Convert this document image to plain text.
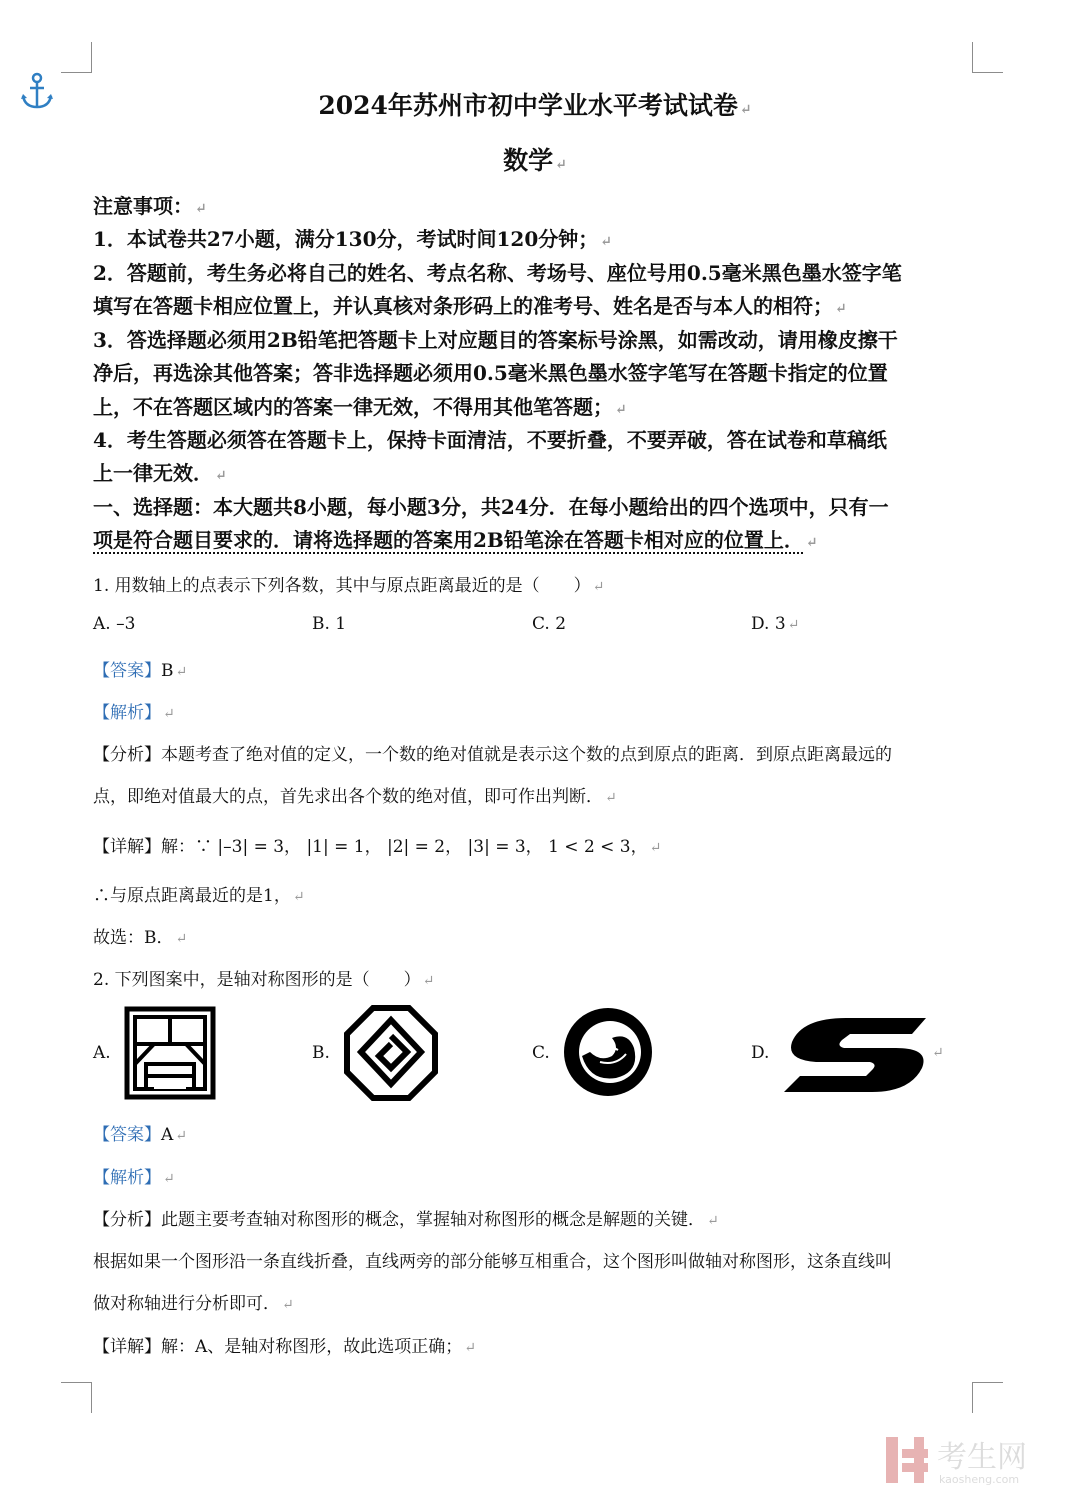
2024年苏州市初中学业水平考试试卷 ↵
数学 ↵
注意事项： ↵
1．本试卷共27小题，满分130分，考试时间120分钟； ↵
2．答题前，考生务必将自己的姓名、考点名称、考场号、座位号用0.5毫米黑色墨水签字笔
填写在答题卡相应位置上，并认真核对条形码上的准考号、姓名是否与本人的相符； ↵
3．答选择题必须用2B铅笔把答题卡上对应题目的答案标号涂黑，如需改动，请用橡皮擦干
净后，再选涂其他答案；答非选择题必须用0.5毫米黑色墨水签字笔写在答题卡指定的位置
上，不在答题区域内的答案一律无效，不得用其他笔答题； ↵
4．考生答题必须答在答题卡上，保持卡面清洁，不要折叠，不要弄破，答在试卷和草稿纸
上一律无效． ↵
一、选择题：本大题共8小题，每小题3分，共24分．在每小题给出的四个选项中，只有一
项是符合题目要求的．请将选择题的答案用2B铅笔涂在答题卡相对应的位置上． ↵
1. 用数轴上的点表示下列各数，其中与原点距离最近的是（　　） ↵
A. –3	B. 1	C. 2	D. 3 ↵
【答案】B ↵
【解析】 ↵
【分析】本题考查了绝对值的定义，一个数的绝对值就是表示这个数的点到原点的距离．到原点距离最远的
点，即绝对值最大的点，首先求出各个数的绝对值，即可作出判断． ↵
【详解】解：∵ |–3| = 3， |1| = 1， |2| = 2， |3| = 3， 1 < 2 < 3， ↵
∴与原点距离最近的是1， ↵
故选：B． ↵
2. 下列图案中，是轴对称图形的是（　　） ↵
A.	B.	C.	D.	↵
【答案】A ↵
【解析】 ↵
【分析】此题主要考查轴对称图形的概念，掌握轴对称图形的概念是解题的关键． ↵
根据如果一个图形沿一条直线折叠，直线两旁的部分能够互相重合，这个图形叫做轴对称图形，这条直线叫
做对称轴进行分析即可． ↵
【详解】解：A、是轴对称图形，故此选项正确； ↵
考生网
kaosheng.com
